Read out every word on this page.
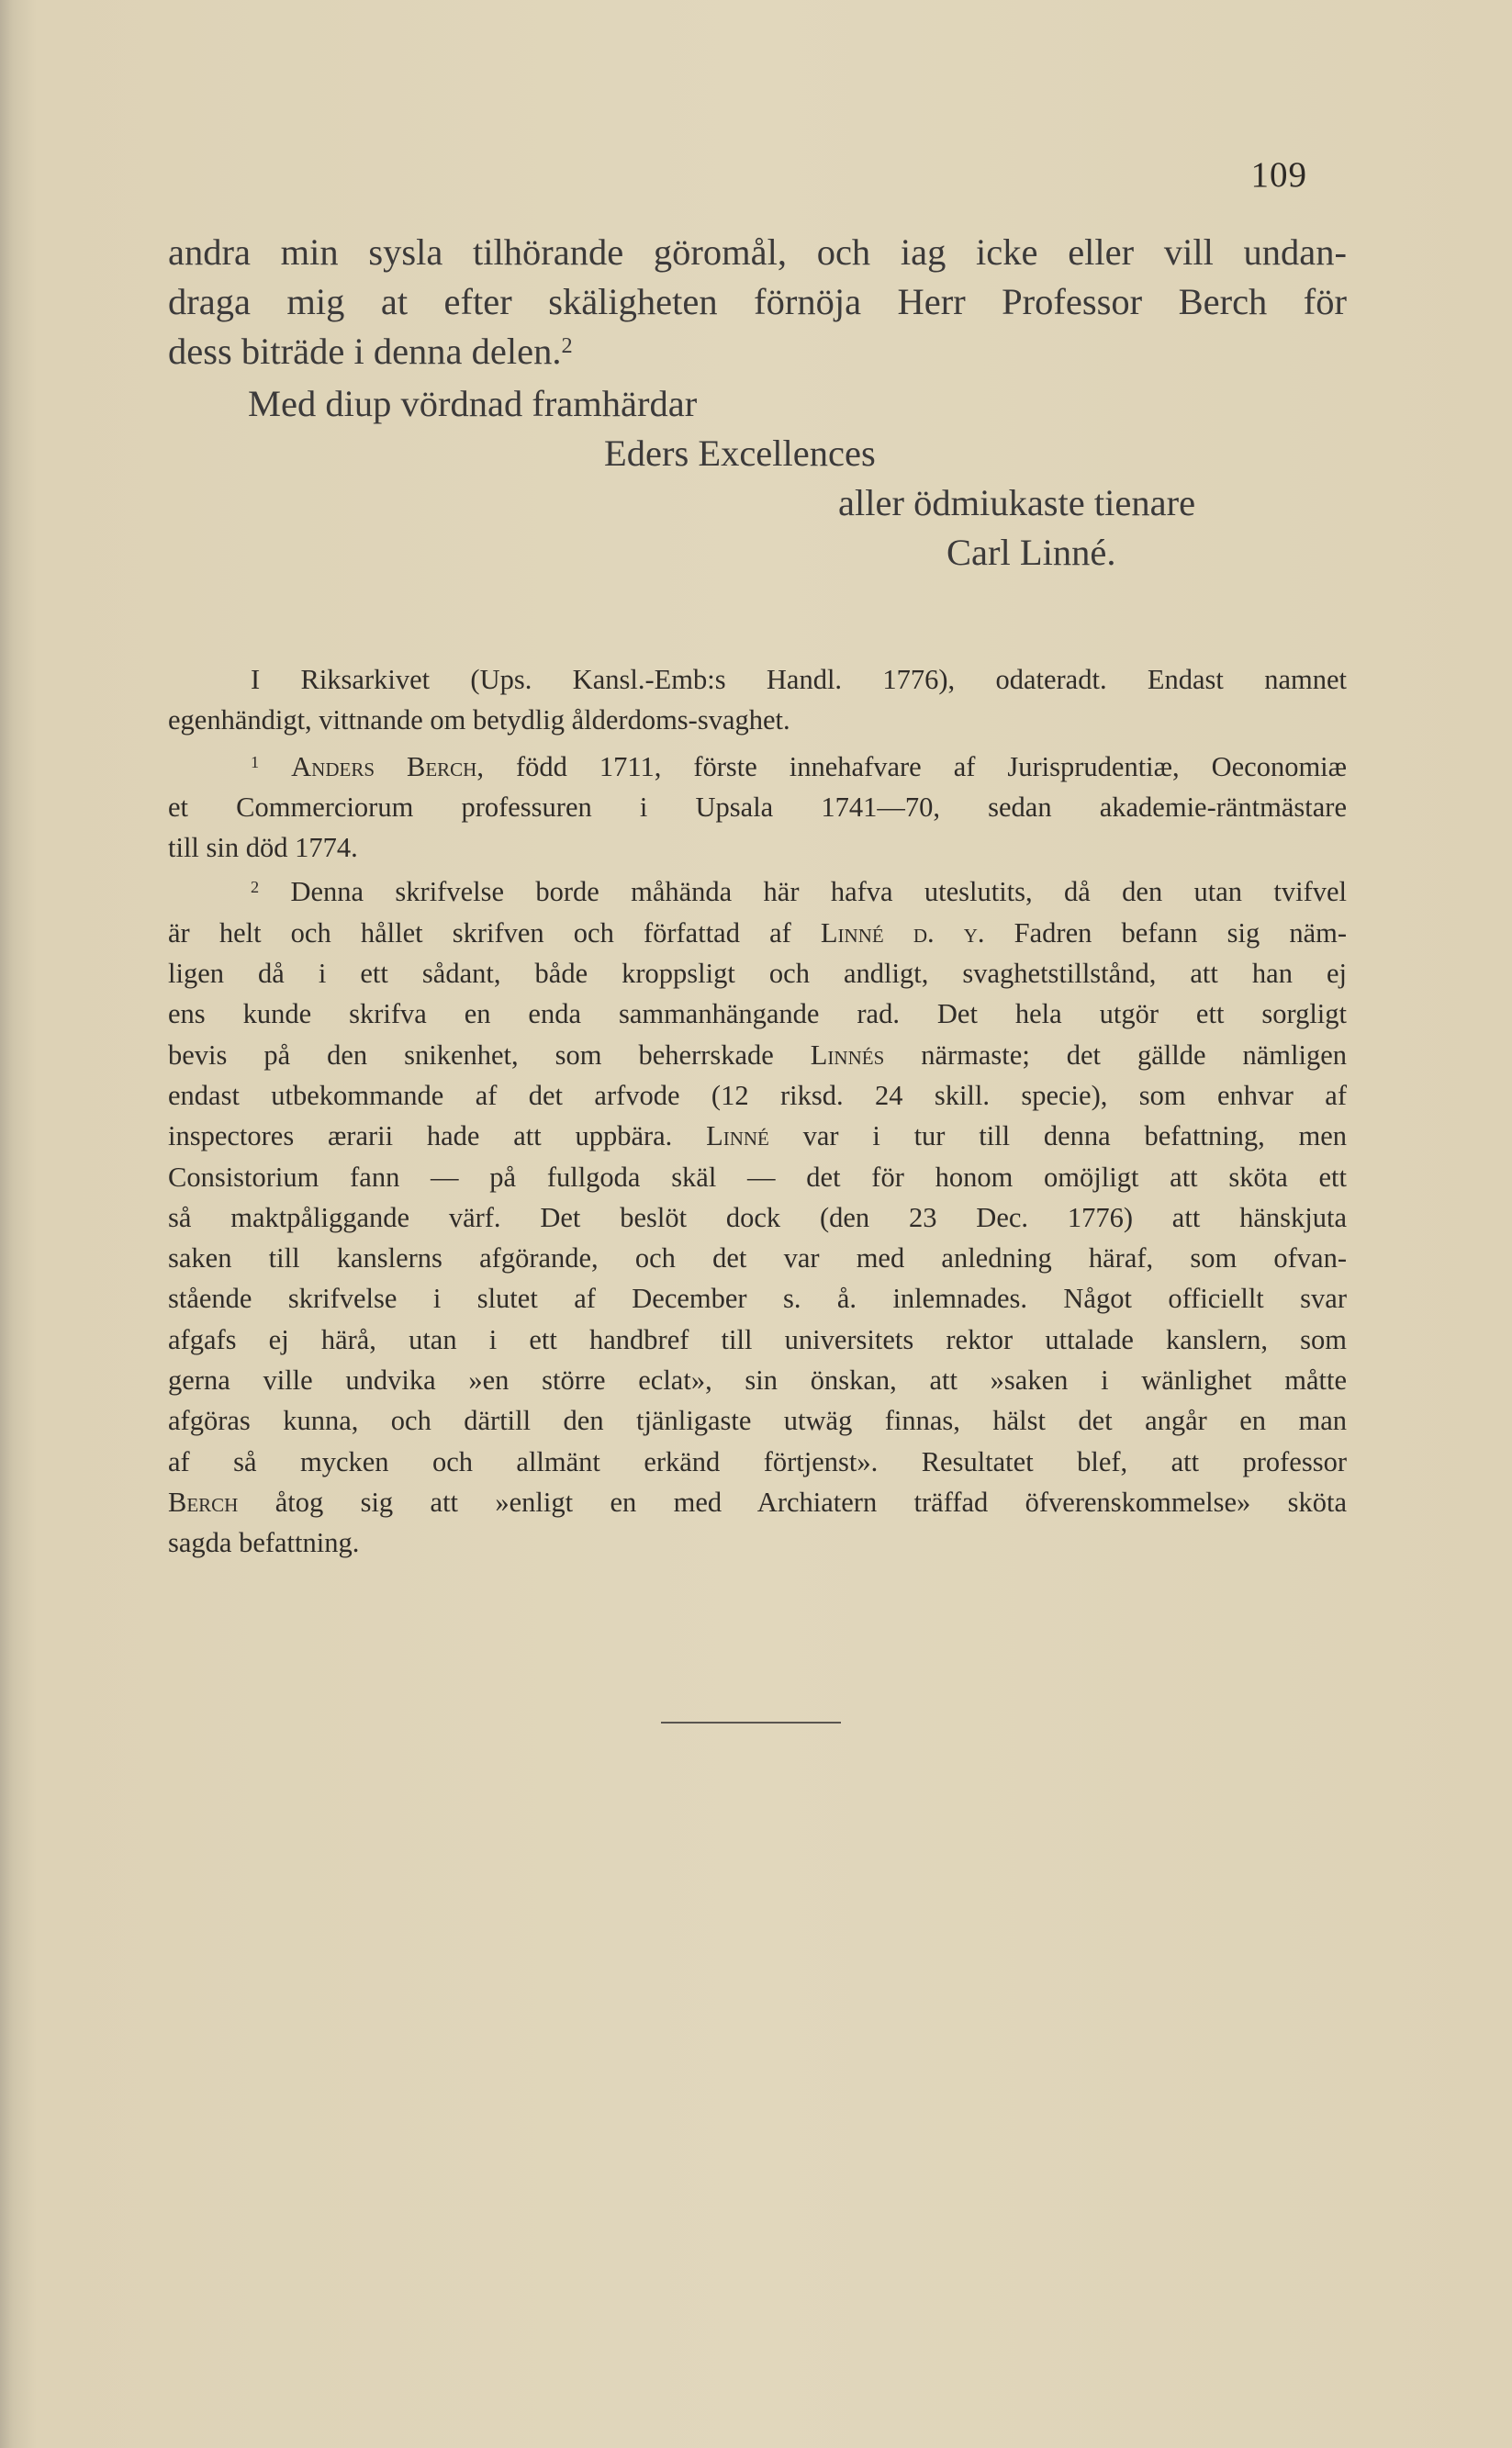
109

andra min sysla tilhörande göromål, och iag icke eller vill undan-

draga mig at efter skäligheten förnöja Herr Professor Berch för

dess biträde i denna delen.$^2$

Med diup vördnad framhärdar
Eders Excellences
aller ödmiukaste tienare
Carl Linné.

I Riksarkivet (Ups. Kansl.-Emb:s Handl. 1776), odateradt. Endast namnet

egenhändigt, vittnande om betydlig ålderdoms-svaghet.

$^1$ Anders Berch, född 1711, förste innehafvare af Jurisprudentiæ, Oeconomiæ

et Commerciorum professuren i Upsala 1741—70, sedan akademie-räntmästare

till sin död 1774.

$^2$ Denna skrifvelse borde måhända här hafva uteslutits, då den utan tvifvel

är helt och hållet skrifven och författad af Linné d. y. Fadren befann sig näm-

ligen då i ett sådant, både kroppsligt och andligt, svaghetstillstånd, att han ej

ens kunde skrifva en enda sammanhängande rad. Det hela utgör ett sorgligt

bevis på den snikenhet, som beherrskade Linnés närmaste; det gällde nämligen

endast utbekommande af det arfvode (12 riksd. 24 skill. specie), som enhvar af

inspectores ærarii hade att uppbära. Linné var i tur till denna befattning, men

Consistorium fann — på fullgoda skäl — det för honom omöjligt att sköta ett

så maktpåliggande värf. Det beslöt dock (den 23 Dec. 1776) att hänskjuta

saken till kanslerns afgörande, och det var med anledning häraf, som ofvan-

stående skrifvelse i slutet af December s. å. inlemnades. Något officiellt svar

afgafs ej härå, utan i ett handbref till universitets rektor uttalade kanslern, som

gerna ville undvika »en större eclat», sin önskan, att »saken i wänlighet måtte

afgöras kunna, och därtill den tjänligaste utwäg finnas, hälst det angår en man

af så mycken och allmänt erkänd förtjenst». Resultatet blef, att professor

Berch åtog sig att »enligt en med Archiatern träffad öfverenskommelse» sköta

sagda befattning.
